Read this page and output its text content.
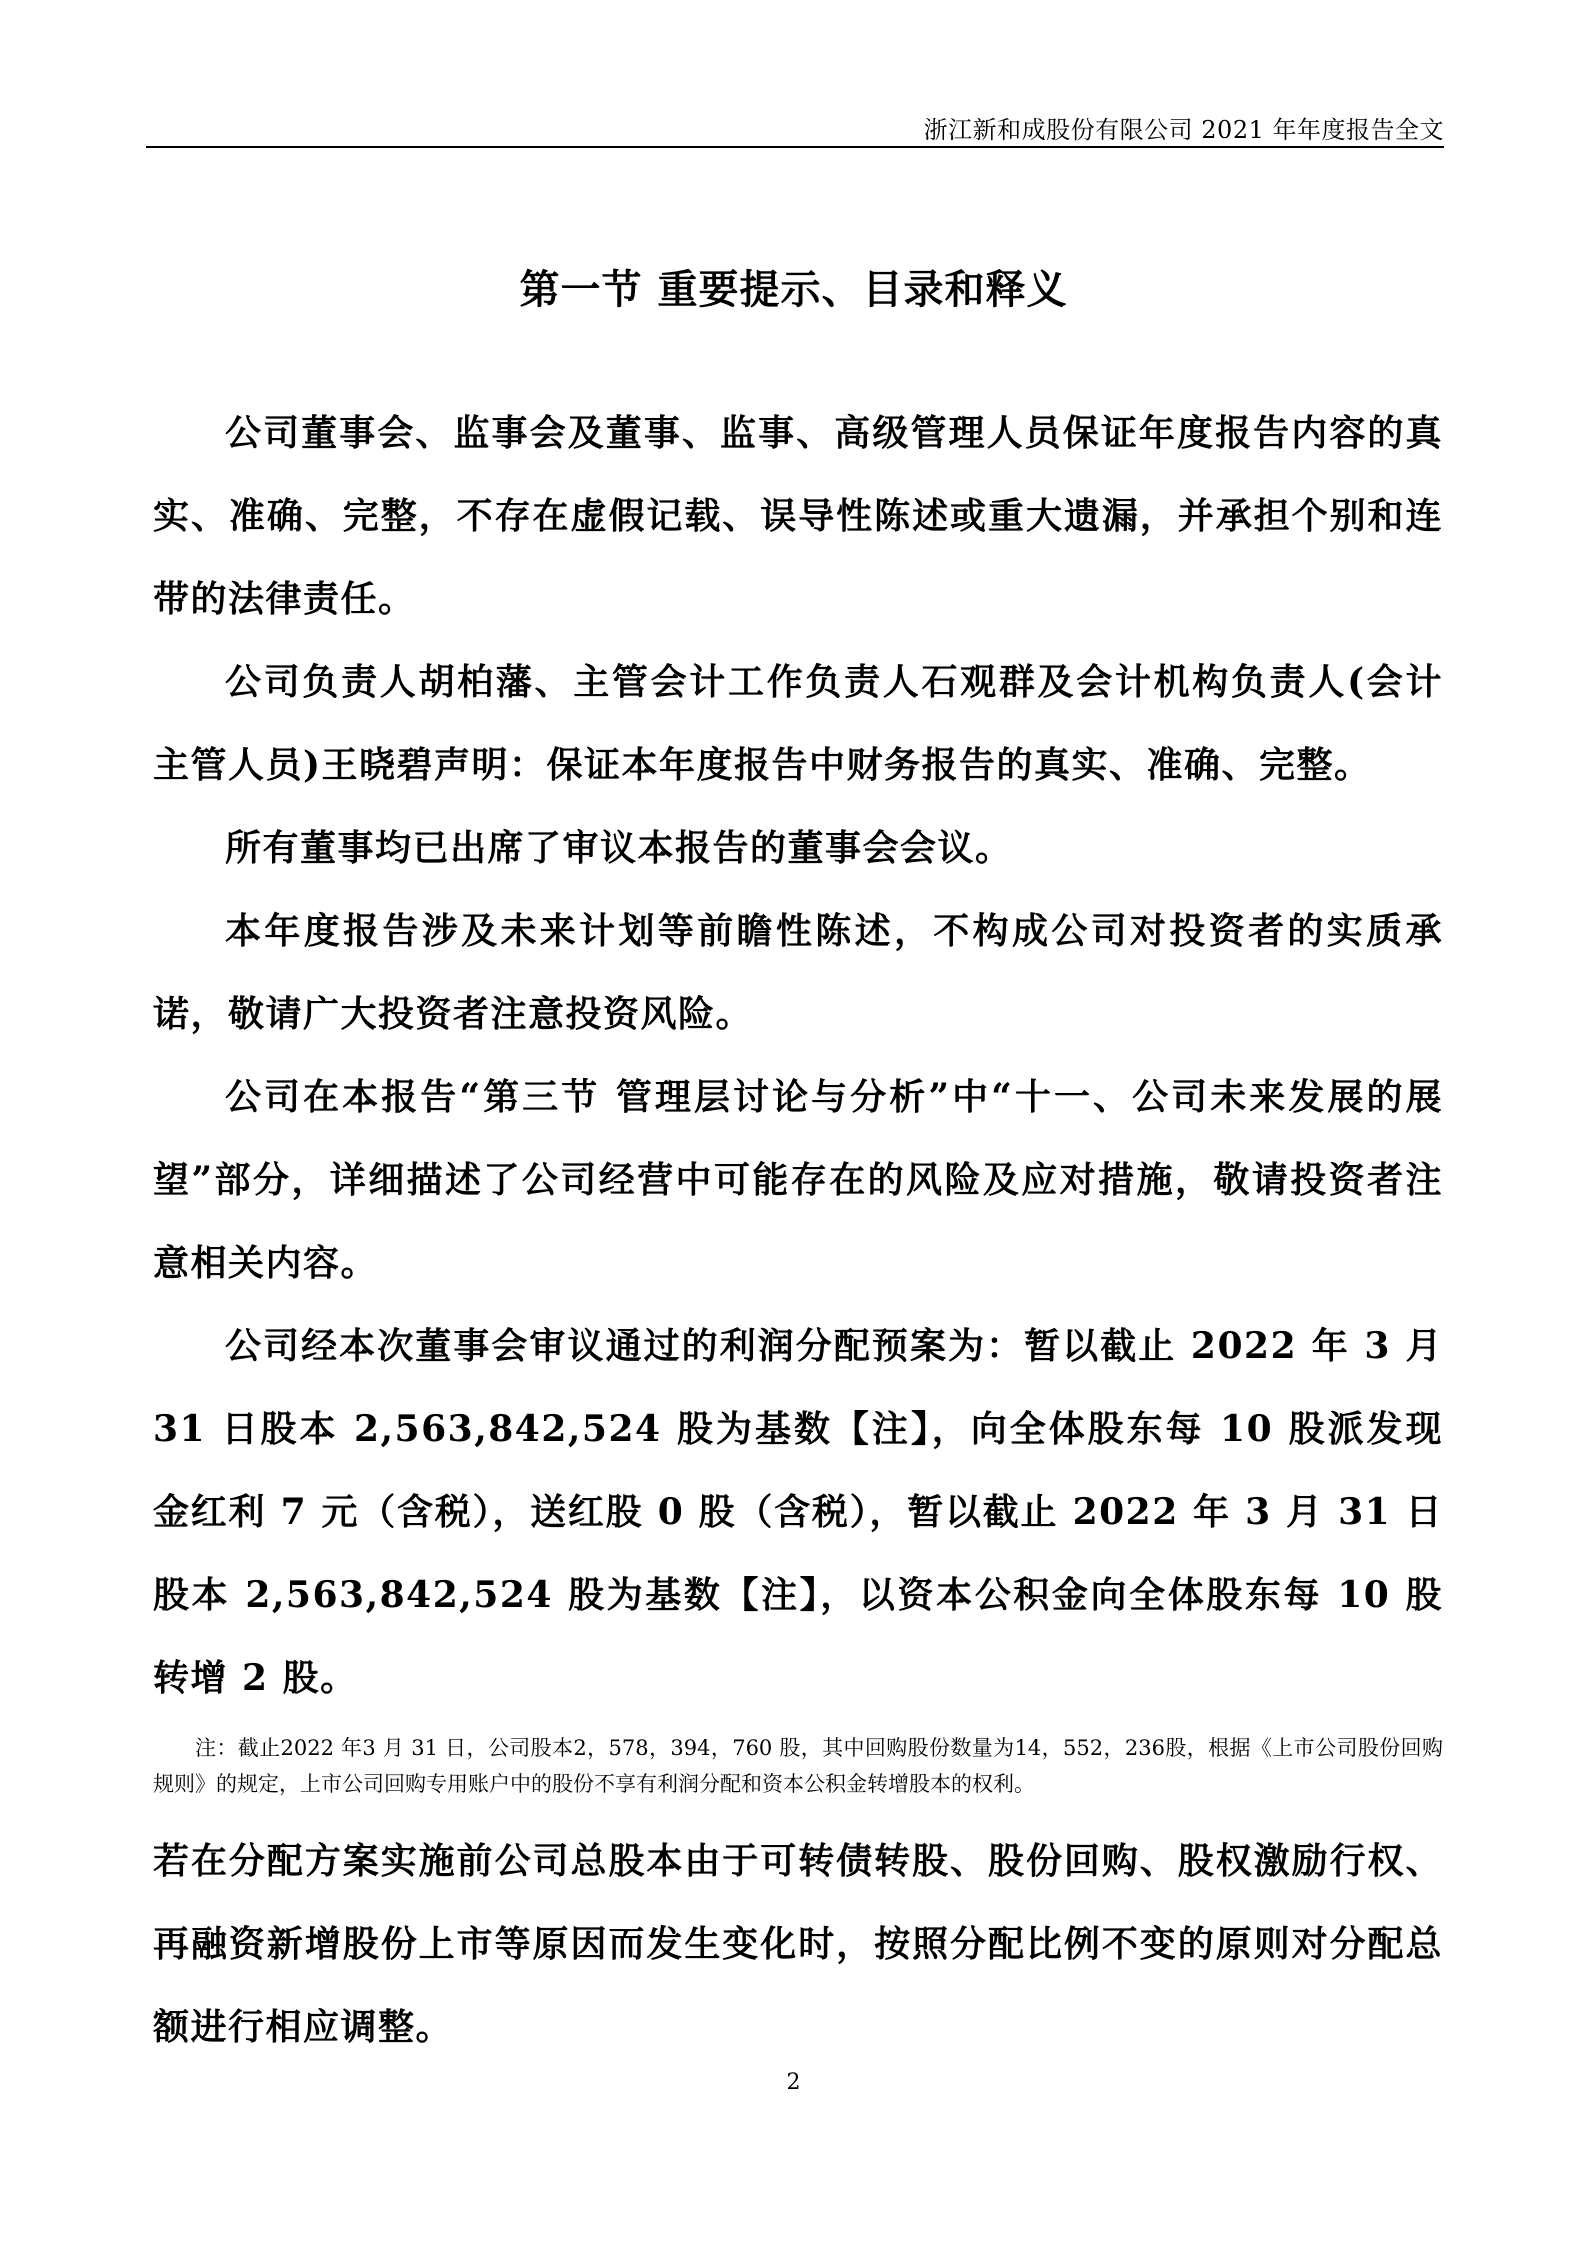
浙江新和成股份有限公司 2021 年年度报告全文
第一节 重要提示、目录和释义

公司董事会、监事会及董事、监事、高级管理人员保证年度报告内容的真实、准确、完整，不存在虚假记载、误导性陈述或重大遗漏，并承担个别和连带的法律责任。

公司负责人胡柏藩、主管会计工作负责人石观群及会计机构负责人(会计主管人员)王晓碧声明：保证本年度报告中财务报告的真实、准确、完整。

所有董事均已出席了审议本报告的董事会会议。

本年度报告涉及未来计划等前瞻性陈述，不构成公司对投资者的实质承诺，敬请广大投资者注意投资风险。

公司在本报告“第三节 管理层讨论与分析”中“十一、公司未来发展的展望”部分，详细描述了公司经营中可能存在的风险及应对措施，敬请投资者注意相关内容。

公司经本次董事会审议通过的利润分配预案为：暂以截止 2022 年 3 月 31 日股本 2,563,842,524 股为基数【注】，向全体股东每 10 股派发现金红利 7 元（含税），送红股 0 股（含税），暂以截止 2022 年 3 月 31 日股本 2,563,842,524 股为基数【注】，以资本公积金向全体股东每 10 股转增 2 股。

注：截止2022 年3 月 31 日，公司股本2，578，394，760 股，其中回购股份数量为14，552，236股，根据《上市公司股份回购规则》的规定，上市公司回购专用账户中的股份不享有利润分配和资本公积金转增股本的权利。

若在分配方案实施前公司总股本由于可转债转股、股份回购、股权激励行权、再融资新增股份上市等原因而发生变化时，按照分配比例不变的原则对分配总额进行相应调整。

2
